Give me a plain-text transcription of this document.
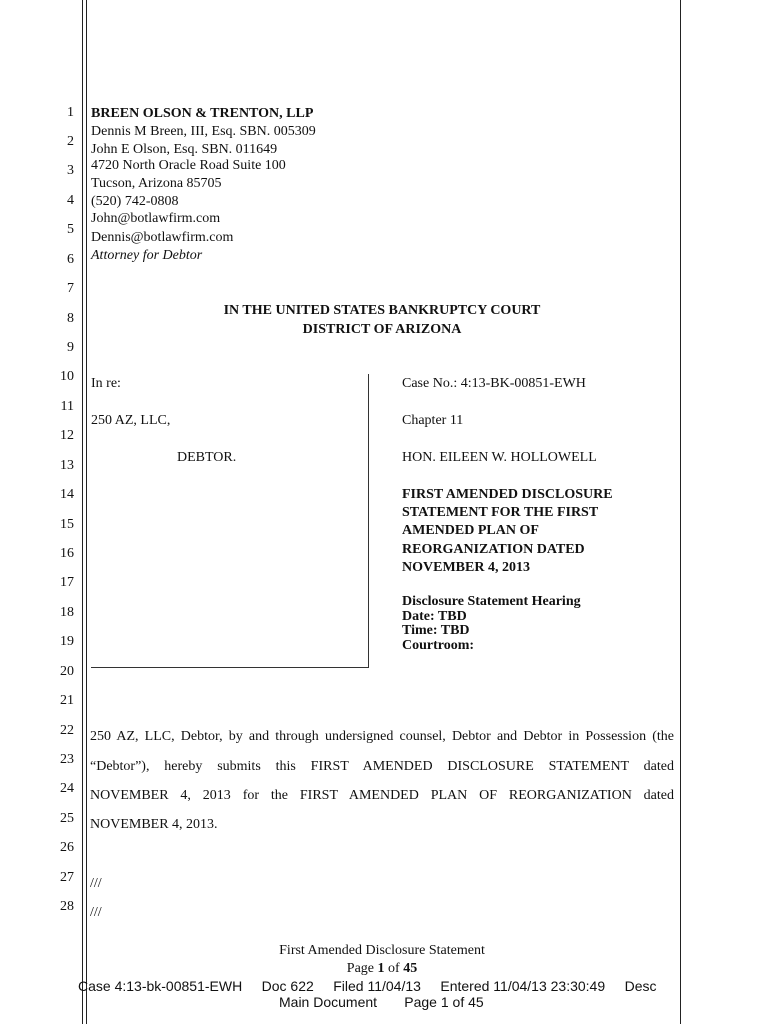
1
2
3
4
5
6
7
8
9
10
11
12
13
14
15
16
17
18
19
20
21
22
23
24
25
26
27
28
BREEN OLSON & TRENTON, LLP
Dennis M Breen, III, Esq. SBN. 005309
John E Olson, Esq. SBN. 011649
4720 North Oracle Road Suite 100
Tucson, Arizona 85705
(520) 742-0808
John@botlawfirm.com
Dennis@botlawfirm.com
Attorney for Debtor
IN THE UNITED STATES BANKRUPTCY COURT
DISTRICT OF ARIZONA
In re:
250 AZ, LLC,
DEBTOR.
Case No.: 4:13-BK-00851-EWH
Chapter 11
HON. EILEEN W. HOLLOWELL
FIRST AMENDED DISCLOSURE
STATEMENT FOR THE FIRST
AMENDED PLAN OF
REORGANIZATION DATED
NOVEMBER 4, 2013
Disclosure Statement Hearing
Date: TBD
Time: TBD
Courtroom:
250 AZ, LLC, Debtor, by and through undersigned counsel, Debtor and Debtor in Possession (the
“Debtor”), hereby submits this FIRST AMENDED DISCLOSURE STATEMENT dated
NOVEMBER 4, 2013 for the FIRST AMENDED PLAN OF REORGANIZATION dated
NOVEMBER 4, 2013.
///
///
First Amended Disclosure Statement
Page 1 of 45
Case 4:13-bk-00851-EWH     Doc 622     Filed 11/04/13     Entered 11/04/13 23:30:49     Desc
Main Document       Page 1 of 45
